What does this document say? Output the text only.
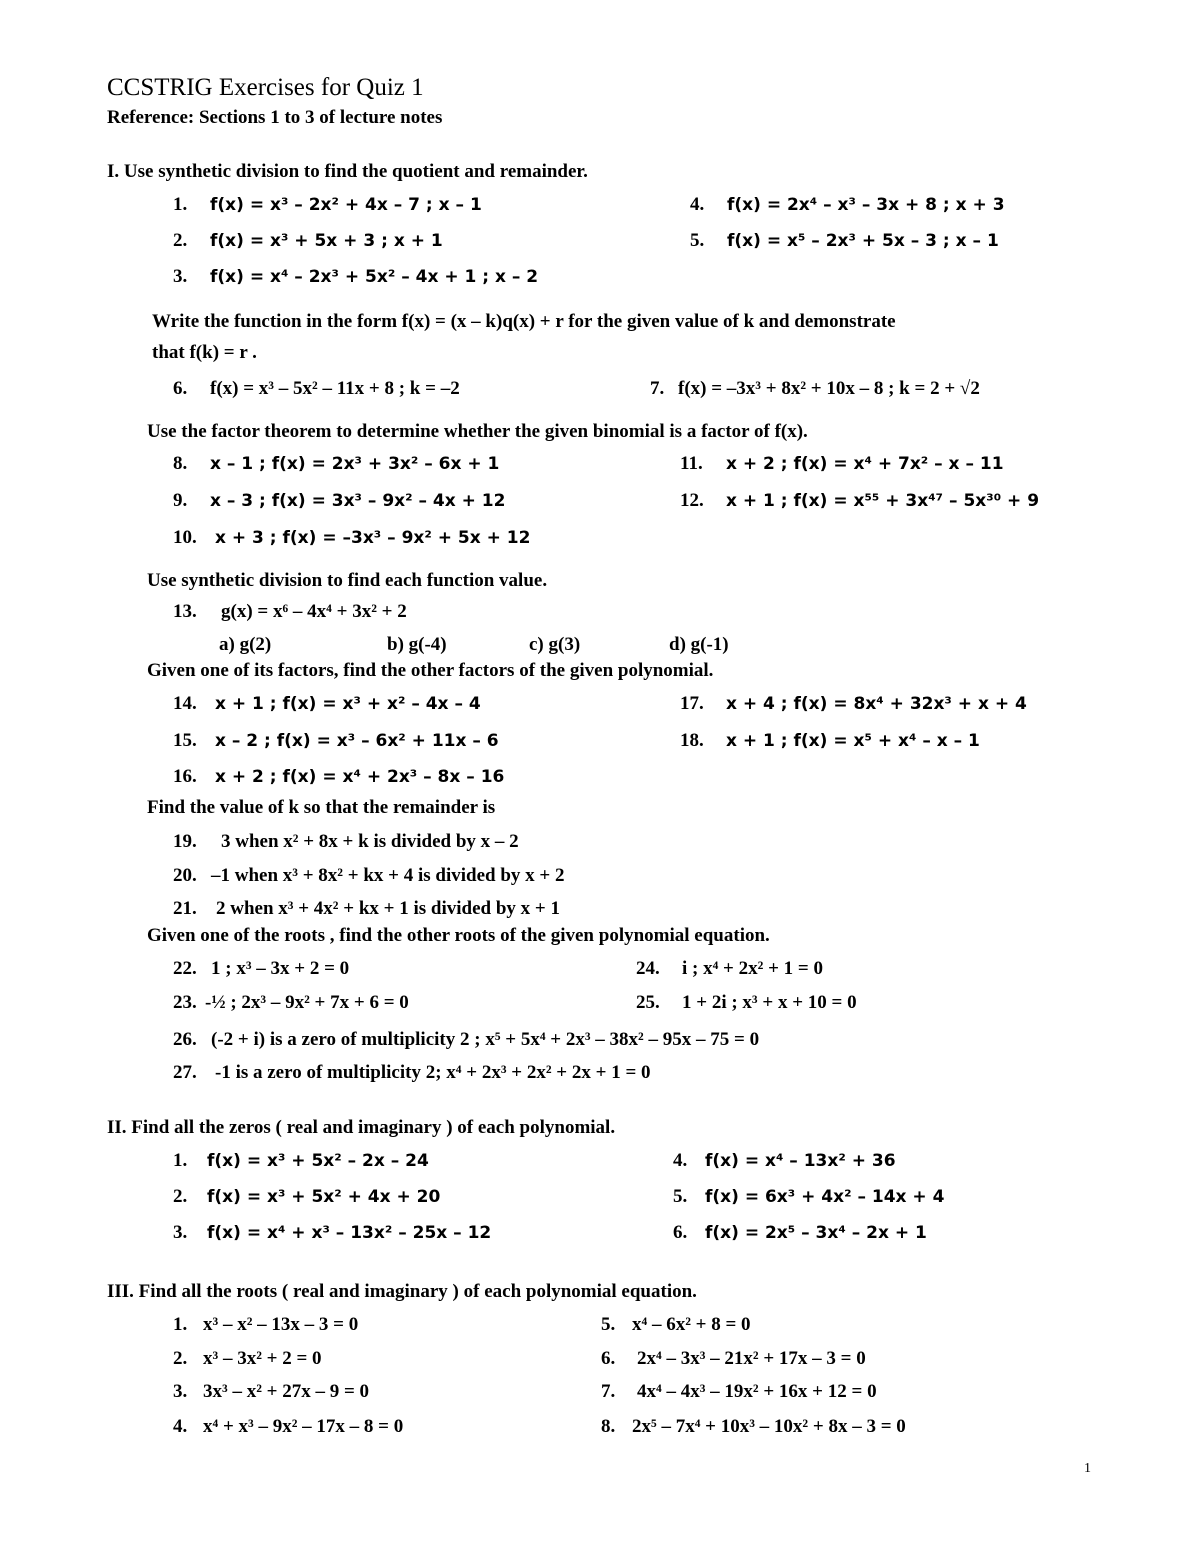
CCSTRIG Exercises for Quiz 1
Reference: Sections 1 to 3 of lecture notes
I. Use synthetic division to find the quotient and remainder.
1. f(x) = x³ – 2x² + 4x – 7 ; x – 1
2. f(x) = x³ + 5x + 3 ; x + 1
3. f(x) = x⁴ – 2x³ + 5x² – 4x + 1 ; x – 2
4. f(x) = 2x⁴ – x³ – 3x + 8 ; x + 3
5. f(x) = x⁵ – 2x³ + 5x – 3 ; x – 1
Write the function in the form f(x) = (x – k)q(x) + r for the given value of k and demonstrate
that f(k) = r .
6. f(x) = x³ – 5x² – 11x + 8 ; k = –2	7. f(x) = –3x³ + 8x² + 10x – 8 ; k = 2 + √2
Use the factor theorem to determine whether the given binomial is a factor of f(x).
8. x – 1 ; f(x) = 2x³ + 3x² – 6x + 1
9. x – 3 ; f(x) = 3x³ – 9x² – 4x + 12
10. x + 3 ; f(x) = –3x³ – 9x² + 5x + 12
11. x + 2 ; f(x) = x⁴ + 7x² – x – 11
12. x + 1 ; f(x) = x⁵⁵ + 3x⁴⁷ – 5x³⁰ + 9
Use synthetic division to find each function value.
13. g(x) = x⁶ – 4x⁴ + 3x² + 2
a) g(2)	b) g(-4)	c) g(3)	d) g(-1)
Given one of its factors, find the other factors of the given polynomial.
14. x + 1 ; f(x) = x³ + x² – 4x – 4
15. x – 2 ; f(x) = x³ – 6x² + 11x – 6
16. x + 2 ; f(x) = x⁴ + 2x³ – 8x – 16
17. x + 4 ; f(x) = 8x⁴ + 32x³ + x + 4
18. x + 1 ; f(x) = x⁵ + x⁴ – x – 1
Find the value of k so that the remainder is
19. 3 when x² + 8x + k is divided by x – 2
20. –1 when x³ + 8x² + kx + 4 is divided by x + 2
21. 2 when x³ + 4x² + kx + 1 is divided by x + 1
Given one of the roots , find the other roots of the given polynomial equation.
22. 1 ; x³ – 3x + 2 = 0
23. -½ ; 2x³ – 9x² + 7x + 6 = 0
24. i ; x⁴ + 2x² + 1 = 0
25. 1 + 2i ; x³ + x + 10 = 0
26. (-2 + i) is a zero of multiplicity 2 ; x⁵ + 5x⁴ + 2x³ – 38x² – 95x – 75 = 0
27. -1 is a zero of multiplicity 2; x⁴ + 2x³ + 2x² + 2x + 1 = 0
II. Find all the zeros ( real and imaginary ) of each polynomial.
1. f(x) = x³ + 5x² – 2x – 24
2. f(x) = x³ + 5x² + 4x + 20
3. f(x) = x⁴ + x³ – 13x² – 25x – 12
4. f(x) = x⁴ – 13x² + 36
5. f(x) = 6x³ + 4x² – 14x + 4
6. f(x) = 2x⁵ – 3x⁴ – 2x + 1
III. Find all the roots ( real and imaginary ) of each polynomial equation.
1. x³ – x² – 13x – 3 = 0
2. x³ – 3x² + 2 = 0
3. 3x³ – x² + 27x – 9 = 0
4. x⁴ + x³ – 9x² – 17x – 8 = 0
5. x⁴ – 6x² + 8 = 0
6. 2x⁴ – 3x³ – 21x² + 17x – 3 = 0
7. 4x⁴ – 4x³ – 19x² + 16x + 12 = 0
8. 2x⁵ – 7x⁴ + 10x³ – 10x² + 8x – 3 = 0
1
